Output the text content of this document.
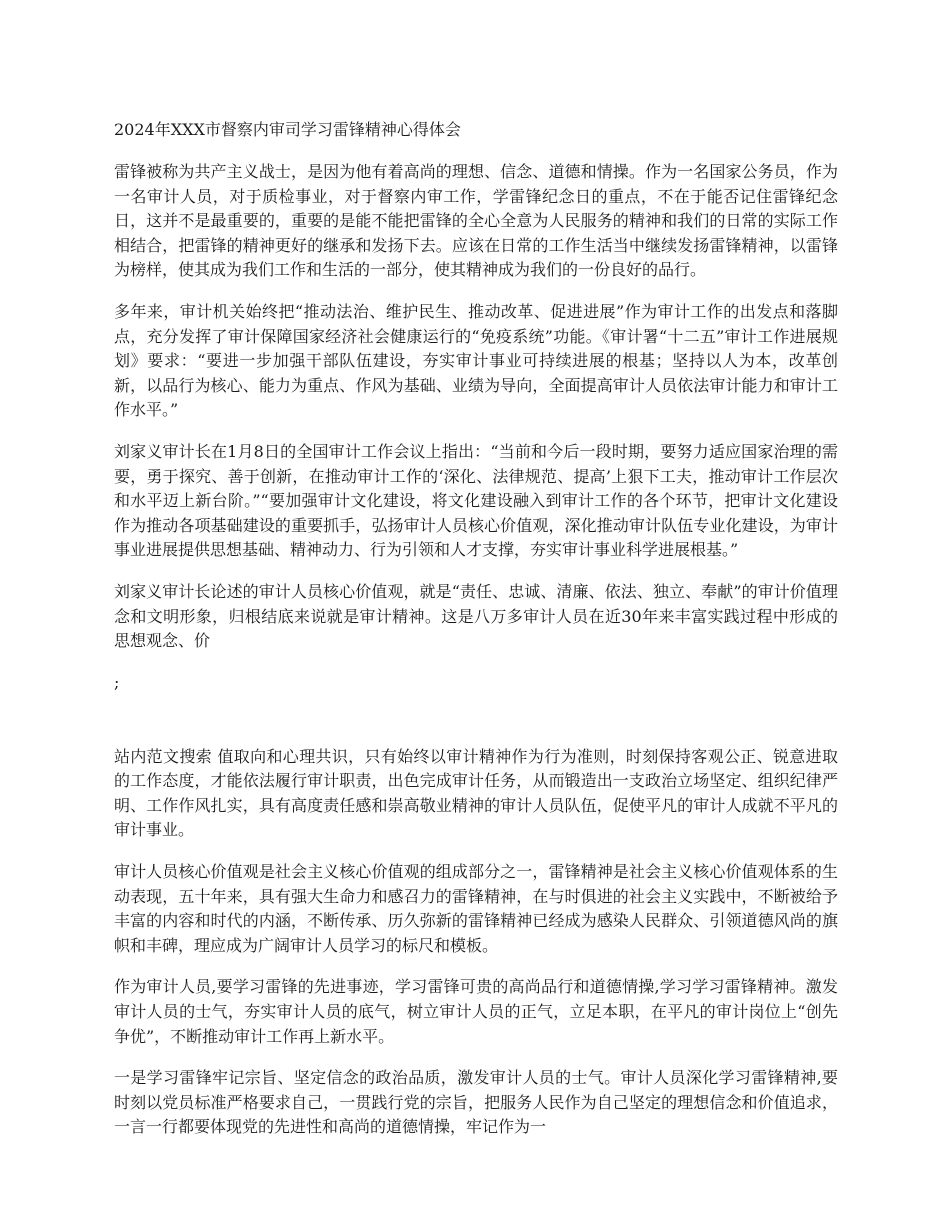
2024年XXX市督察内审司学习雷锋精神心得体会

雷锋被称为共产主义战士，是因为他有着高尚的理想、信念、道德和情操。作为一名国家公务员，作为一名审计人员，对于质检事业，对于督察内审工作，学雷锋纪念日的重点，不在于能否记住雷锋纪念日，这并不是最重要的，重要的是能不能把雷锋的全心全意为人民服务的精神和我们的日常的实际工作相结合，把雷锋的精神更好的继承和发扬下去。应该在日常的工作生活当中继续发扬雷锋精神，以雷锋为榜样，使其成为我们工作和生活的一部分，使其精神成为我们的一份良好的品行。

多年来，审计机关始终把“推动法治、维护民生、推动改革、促进进展”作为审计工作的出发点和落脚点，充分发挥了审计保障国家经济社会健康运行的“免疫系统”功能。《审计署“十二五”审计工作进展规划》要求：“要进一步加强干部队伍建设，夯实审计事业可持续进展的根基；坚持以人为本，改革创新，以品行为核心、能力为重点、作风为基础、业绩为导向，全面提高审计人员依法审计能力和审计工作水平。”

刘家义审计长在1月8日的全国审计工作会议上指出：“当前和今后一段时期，要努力适应国家治理的需要，勇于探究、善于创新，在推动审计工作的‘深化、法律规范、提高’上狠下工夫，推动审计工作层次和水平迈上新台阶。”“要加强审计文化建设，将文化建设融入到审计工作的各个环节，把审计文化建设作为推动各项基础建设的重要抓手，弘扬审计人员核心价值观，深化推动审计队伍专业化建设，为审计事业进展提供思想基础、精神动力、行为引领和人才支撑，夯实审计事业科学进展根基。”

刘家义审计长论述的审计人员核心价值观，就是“责任、忠诚、清廉、依法、独立、奉献”的审计价值理念和文明形象，归根结底来说就是审计精神。这是八万多审计人员在近30年来丰富实践过程中形成的思想观念、价

;

站内范文搜索 值取向和心理共识，只有始终以审计精神作为行为准则，时刻保持客观公正、锐意进取的工作态度，才能依法履行审计职责，出色完成审计任务，从而锻造出一支政治立场坚定、组织纪律严明、工作作风扎实，具有高度责任感和崇高敬业精神的审计人员队伍，促使平凡的审计人成就不平凡的审计事业。

审计人员核心价值观是社会主义核心价值观的组成部分之一，雷锋精神是社会主义核心价值观体系的生动表现，五十年来，具有强大生命力和感召力的雷锋精神，在与时俱进的社会主义实践中，不断被给予丰富的内容和时代的内涵，不断传承、历久弥新的雷锋精神已经成为感染人民群众、引领道德风尚的旗帜和丰碑，理应成为广阔审计人员学习的标尺和模板。

作为审计人员,要学习雷锋的先进事迹，学习雷锋可贵的高尚品行和道德情操,学习学习雷锋精神。激发审计人员的士气，夯实审计人员的底气，树立审计人员的正气，立足本职，在平凡的审计岗位上“创先争优”，不断推动审计工作再上新水平。

一是学习雷锋牢记宗旨、坚定信念的政治品质，激发审计人员的士气。审计人员深化学习雷锋精神,要时刻以党员标准严格要求自己，一贯践行党的宗旨，把服务人民作为自己坚定的理想信念和价值追求，一言一行都要体现党的先进性和高尚的道德情操，牢记作为一
